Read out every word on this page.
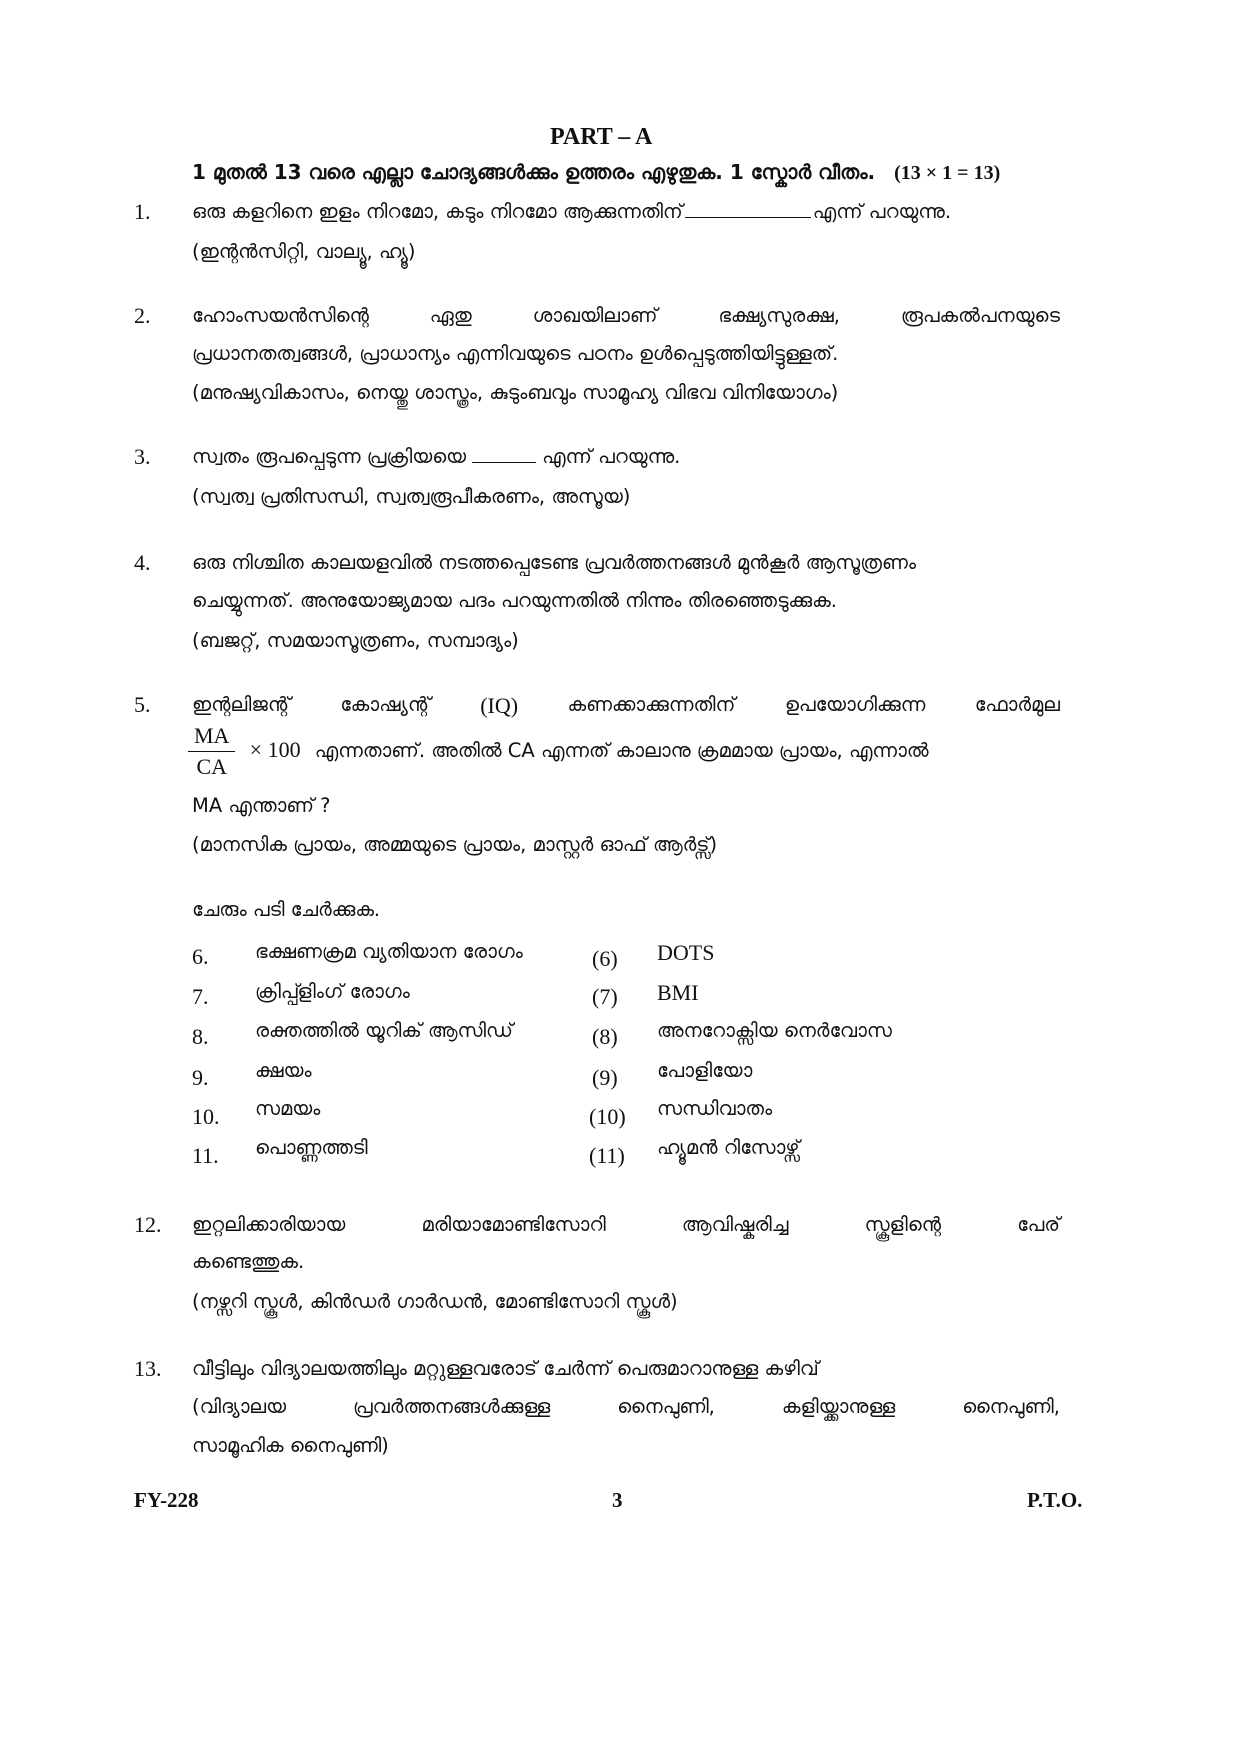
PART – A
1 മുതൽ 13 വരെ എല്ലാ ചോദ്യങ്ങൾക്കും ഉത്തരം എഴുതുക. 1 സ്കോർ വീതം. (13 × 1 = 13)
1. ഒരു കളറിനെ ഇളം നിറമോ, കടും നിറമോ ആക്കുന്നതിന്	എന്ന് പറയുന്നു.
(ഇന്റൻസിറ്റി, വാല്യൂ, ഹ്യൂ)
2. ഹോംസയൻസിന്റെ	ഏതു	ശാഖയിലാണ്	ഭക്ഷ്യസുരക്ഷ,	രൂപകൽപനയുടെ
പ്രധാനതത്വങ്ങൾ, പ്രാധാന്യം എന്നിവയുടെ പഠനം ഉൾപ്പെടുത്തിയിട്ടുള്ളത്.
(മനുഷ്യവികാസം, നെയ്തു ശാസ്ത്രം, കുടുംബവും സാമൂഹ്യ വിഭവ വിനിയോഗം)
3. സ്വതം രൂപപ്പെടുന്ന പ്രക്രിയയെ	എന്ന് പറയുന്നു.
(സ്വത്വ പ്രതിസന്ധി, സ്വത്വരൂപീകരണം, അസൂയ)
4. ഒരു നിശ്ചിത കാലയളവിൽ നടത്തപ്പെടേണ്ട പ്രവർത്തനങ്ങൾ മുൻകൂർ ആസൂത്രണം
ചെയ്യുന്നത്. അനുയോജ്യമായ പദം പറയുന്നതിൽ നിന്നും തിരഞ്ഞെടുക്കുക.
(ബജറ്റ്, സമയാസൂത്രണം, സമ്പാദ്യം)
5. ഇന്റലിജന്റ്	കോഷ്യന്റ് (IQ)	കണക്കാക്കുന്നതിന്	ഉപയോഗിക്കുന്ന	ഫോർമുല
$\frac{MA}{CA} \times 100$ എന്നതാണ്. അതിൽ CA എന്നത് കാലാനു ക്രമമായ പ്രായം, എന്നാൽ
MA എന്താണ് ?
(മാനസിക പ്രായം, അമ്മയുടെ പ്രായം, മാസ്റ്റർ ഓഫ് ആർട്സ്)
ചേരും പടി ചേർക്കുക.
6. ഭക്ഷണക്രമ വ്യതിയാന രോഗം	(6) DOTS
7. ക്രിപ്പ്ളിംഗ് രോഗം	(7) BMI
8. രക്തത്തിൽ യൂറിക് ആസിഡ്	(8) അനറോക്സിയ നെർവോസ
9. ക്ഷയം	(9) പോളിയോ
10. സമയം	(10) സന്ധിവാതം
11. പൊണ്ണത്തടി	(11) ഹ്യൂമൻ റിസോഴ്സ്
12. ഇറ്റലിക്കാരിയായ	മരിയാമോണ്ടിസോറി	ആവിഷ്കരിച്ച	സ്കൂളിന്റെ	പേര്
കണ്ടെത്തുക.
(നഴ്സറി സ്കൂൾ, കിൻഡർ ഗാർഡൻ, മോണ്ടിസോറി സ്കൂൾ)
13. വീട്ടിലും വിദ്യാലയത്തിലും മറ്റുള്ളവരോട് ചേർന്ന് പെരുമാറാനുള്ള കഴിവ്
(വിദ്യാലയ	പ്രവർത്തനങ്ങൾക്കുള്ള	നൈപുണി,	കളിയ്ക്കാനുള്ള	നൈപുണി,
സാമൂഹിക നൈപുണി)
FY-228	3	P.T.O.
